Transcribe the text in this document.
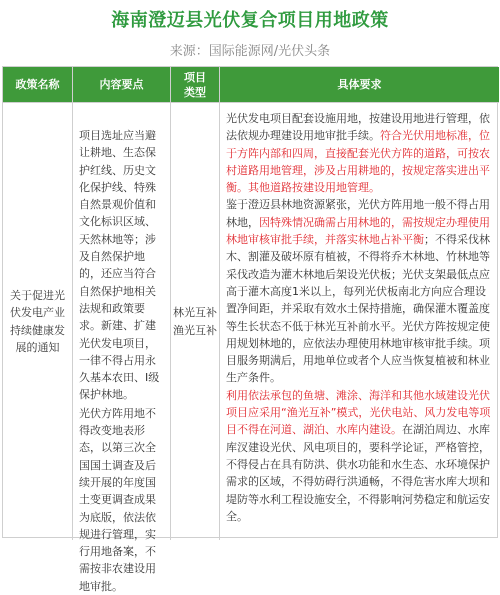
海南澄迈县光伏复合项目用地政策
来源：国际能源网/光伏头条
政策名称	内容要点
项目
类型
具体要求
关于促进光伏发电产业持续健康发展的通知

项目选址应当避让耕地、生态保护红线、历史文化保护线、特殊自然景观价值和文化标识区域、天然林地等；涉及自然保护地的，还应当符合自然保护地相关法规和政策要求。新建、扩建光伏发电项目，一律不得占用永久基本农田、Ⅰ级保护林地。

光伏方阵用地不得改变地表形态，以第三次全国国土调查及后续开展的年度国土变更调查成果为底版，依法依规进行管理，实行用地备案，不需按非农建设用地审批。

林光互补渔光互补

光伏发电项目配套设施用地，按建设用地进行管理，依法依规办理建设用地审批手续。符合光伏用地标准，位于方阵内部和四周，直接配套光伏方阵的道路，可按农村道路用地管理，涉及占用耕地的，按规定落实进出平衡。其他道路按建设用地管理。

鉴于澄迈县林地资源紧张，光伏方阵用地一般不得占用林地，因特殊情况确需占用林地的，需按规定办理使用林地审核审批手续，并落实林地占补平衡；不得采伐林木、割灌及破坏原有植被，不得将乔木林地、竹林地等采伐改造为灌木林地后架设光伏板；光伏支架最低点应高于灌木高度1米以上，每列光伏板南北方向应合理设置净间距，并采取有效水土保持措施，确保灌木覆盖度等生长状态不低于林光互补前水平。光伏方阵按规定使用规划林地的，应依法办理使用林地审核审批手续。项目服务期满后，用地单位或者个人应当恢复植被和林业生产条件。

利用依法承包的鱼塘、滩涂、海洋和其他水域建设光伏项目应采用“渔光互补”模式，光伏电站、风力发电等项目不得在河道、湖泊、水库内建设。在湖泊周边、水库库汊建设光伏、风电项目的，要科学论证，严格管控，不得侵占在具有防洪、供水功能和水生态、水环境保护需求的区域，不得妨碍行洪通畅，不得危害水库大坝和堤防等水利工程设施安全，不得影响河势稳定和航运安全。
